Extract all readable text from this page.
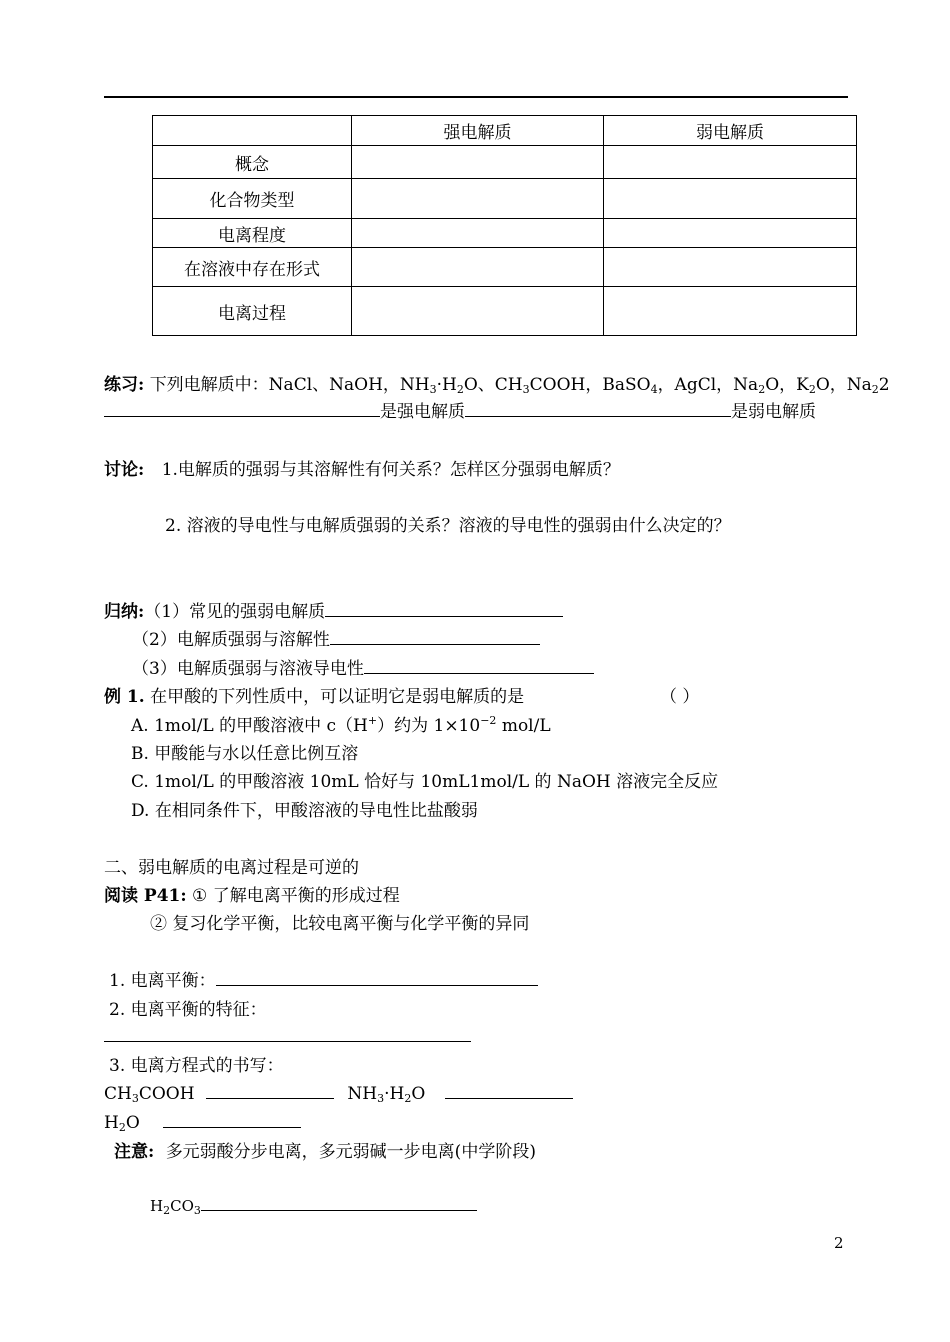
	强电解质	弱电解质
概念		
化合物类型		
电离程度		
在溶液中存在形式		
电离过程		
练习: 下列电解质中：NaCl、NaOH，$NH_3\cdot H_2O$、$CH_3COOH$，BaSO$_4$，AgCl，$Na_2O$，$K_2O$，$Na_22$
是强电解质	是弱电解质
讨论: 1.电解质的强弱与其溶解性有何关系？怎样区分强弱电解质？
2. 溶液的导电性与电解质强弱的关系？溶液的导电性的强弱由什么决定的？
归纳:（1）常见的强弱电解质
（2）电解质强弱与溶解性
（3）电解质强弱与溶液导电性
例 1. 在甲酸的下列性质中，可以证明它是弱电解质的是	（ ）
A. 1mol/L 的甲酸溶液中 c（H+）约为 $1\times 10^{-2}$ mol/L
B. 甲酸能与水以任意比例互溶
C. 1mol/L 的甲酸溶液 10mL 恰好与 10mL1mol/L 的 NaOH 溶液完全反应
D. 在相同条件下，甲酸溶液的导电性比盐酸弱
二、弱电解质的电离过程是可逆的
阅读 P41: ① 了解电离平衡的形成过程
② 复习化学平衡，比较电离平衡与化学平衡的异同
1. 电离平衡：
2. 电离平衡的特征：
3. 电离方程式的书写：
$CH_3COOH$	$NH_3\cdot H_2O$
$H_2O$
注意: 多元弱酸分步电离，多元弱碱一步电离(中学阶段)
$H_2CO_3$
2
